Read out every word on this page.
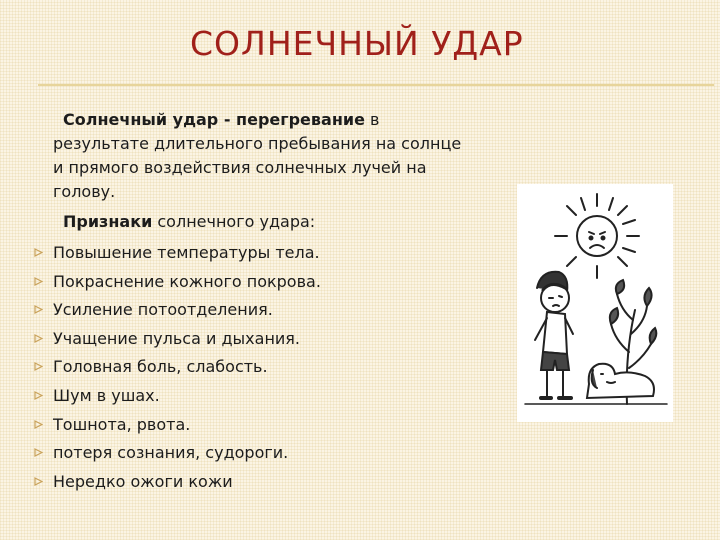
СОЛНЕЧНЫЙ УДАР

Солнечный удар - перегревание в результате длительного пребывания на солнце и прямого воздействия солнечных лучей на голову.

Признаки солнечного удара:

Повышение температуры тела.
Покраснение кожного покрова.
Усиление потоотделения.
Учащение пульса и дыхания.
Головная боль, слабость.
Шум в ушах.
Тошнота, рвота.
потеря сознания, судороги.
Нередко ожоги кожи
